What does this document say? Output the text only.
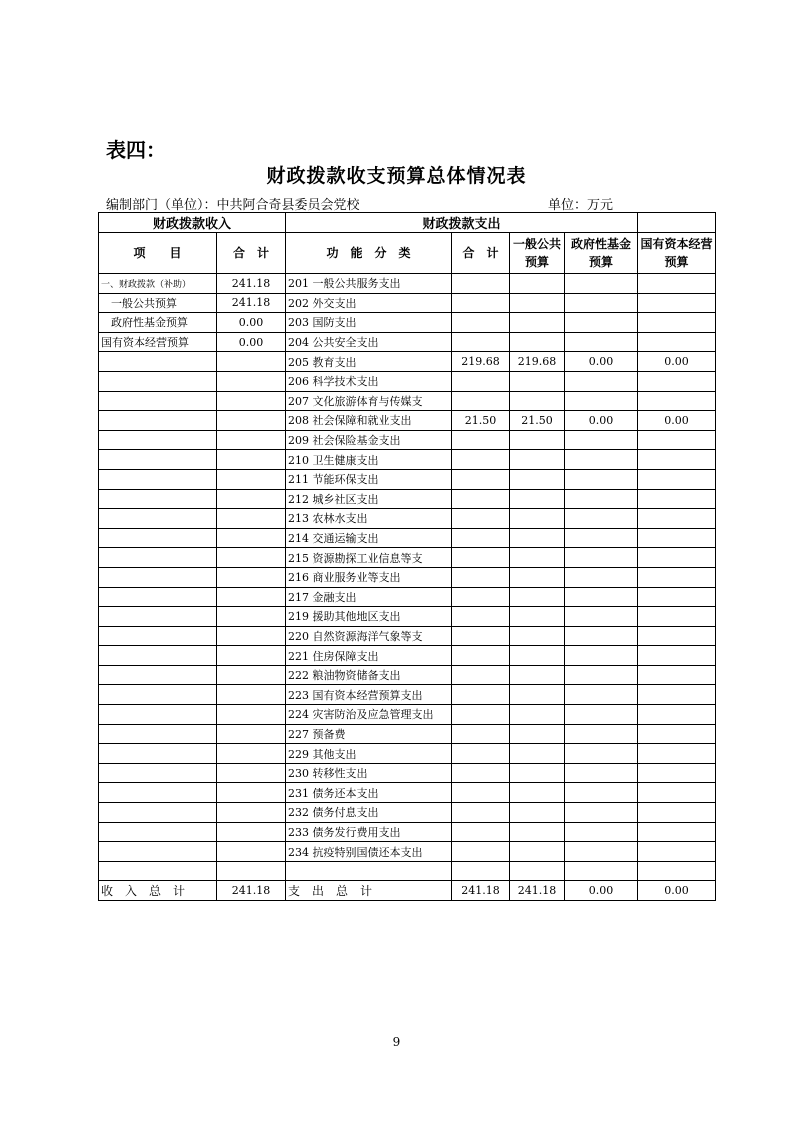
表四：
财政拨款收支预算总体情况表
编制部门（单位）：中共阿合奇县委员会党校	单位：万元
财政拨款收入		财政拨款支出				
项　　目	合　计	功　能　分　类	合　计	一般公共预算	政府性基金预算	国有资本经营预算
一、财政拨款（补助）	241.18	201 一般公共服务支出				
一般公共预算	241.18	202 外交支出				
政府性基金预算	0.00	203 国防支出				
国有资本经营预算	0.00	204 公共安全支出				
		205 教育支出	219.68	219.68	0.00	0.00
		206 科学技术支出				
		207 文化旅游体育与传媒支				
		208 社会保障和就业支出	21.50	21.50	0.00	0.00
		209 社会保险基金支出				
		210 卫生健康支出				
		211 节能环保支出				
		212 城乡社区支出				
		213 农林水支出				
		214 交通运输支出				
		215 资源勘探工业信息等支				
		216 商业服务业等支出				
		217 金融支出				
		219 援助其他地区支出				
		220 自然资源海洋气象等支				
		221 住房保障支出				
		222 粮油物资储备支出				
		223 国有资本经营预算支出				
		224 灾害防治及应急管理支出				
		227 预备费				
		229 其他支出				
		230 转移性支出				
		231 债务还本支出				
		232 债务付息支出				
		233 债务发行费用支出				
		234 抗疫特别国债还本支出				

收入总计	241.18	支出总计	241.18	241.18	0.00	0.00
9
